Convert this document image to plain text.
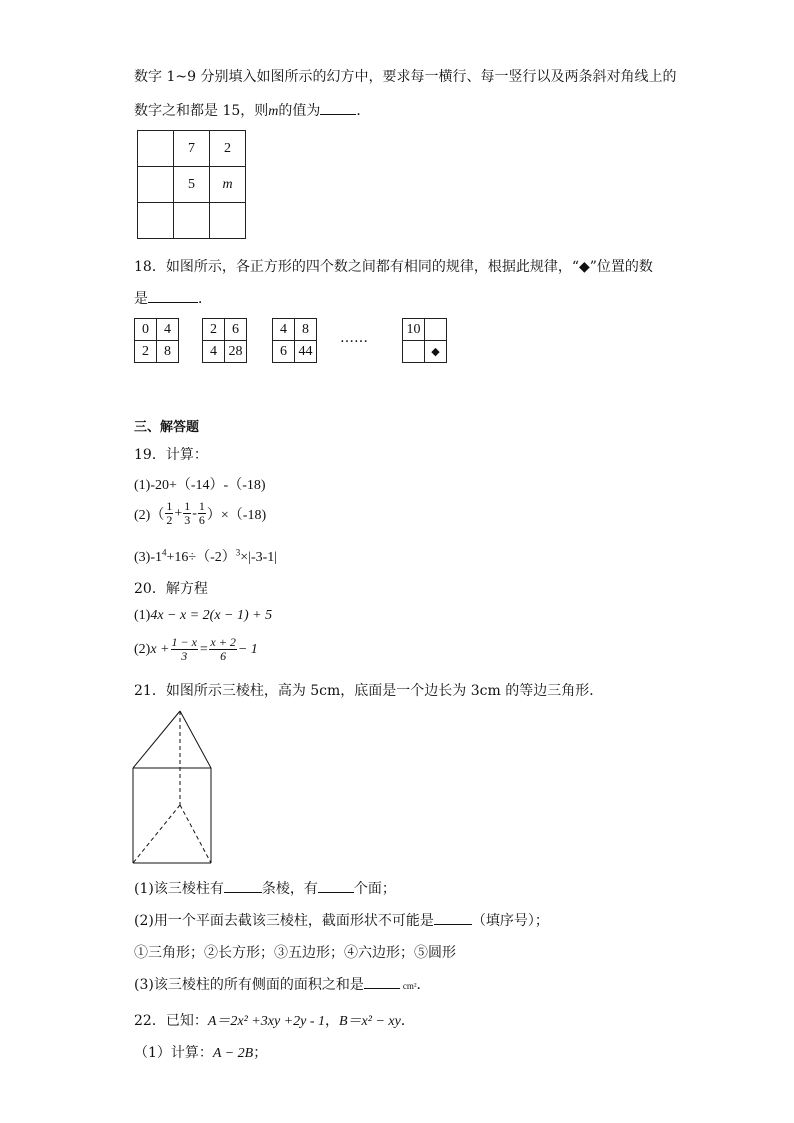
数字 1~9 分别填入如图所示的幻方中，要求每一横行、每一竖行以及两条斜对角线上的
数字之和都是 15，则m的值为	．
	7	2
	5	m

18．如图所示，各正方形的四个数之间都有相同的规律，根据此规律，“◆”位置的数
是	．
0	4
2	8
2	6
4	28
4	8
6	44
……
10	
	◆
三、解答题
19．计算：
(1)-20+（-14）-（-18)
$(2)( \frac{1}{2} + \frac{1}{3} - \frac{1}{6} )\times(-18)$
$(3)-1^4+16\div(-2)^3\times|-3-1|$
20．解方程
(1)4x − x = 2(x − 1) + 5
(2) $x + \frac{1 - x}{3} = \frac{x + 2}{6} - 1$
21．如图所示三棱柱，高为 5cm，底面是一个边长为 3cm 的等边三角形．
(1)该三棱柱有	条棱，有	个面；
(2)用一个平面去截该三棱柱，截面形状不可能是	（填序号）；
①三角形；②长方形；③五边形；④六边形；⑤圆形
(3)该三棱柱的所有侧面的面积之和是	cm²．
22．已知：A＝2x² +3xy +2y - 1，B＝x² − xy．
（1）计算：A − 2B；
